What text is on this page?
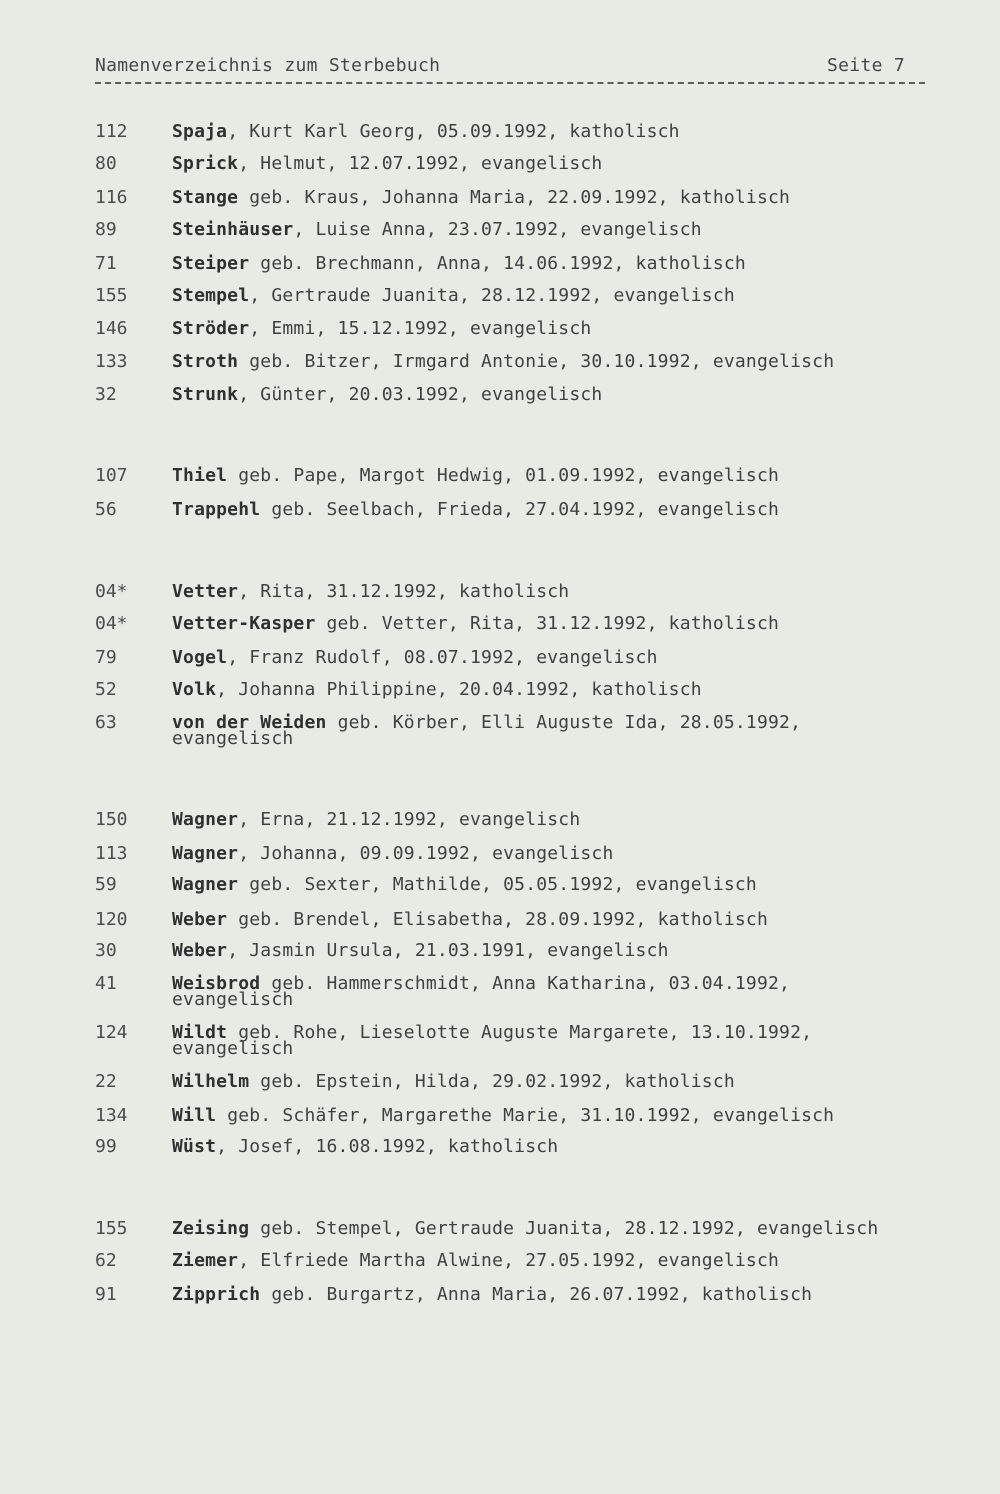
Namenverzeichnis zum Sterbebuch	Seite 7
112	Spaja, Kurt Karl Georg, 05.09.1992, katholisch
80	Sprick, Helmut, 12.07.1992, evangelisch
116	Stange geb. Kraus, Johanna Maria, 22.09.1992, katholisch
89	Steinhäuser, Luise Anna, 23.07.1992, evangelisch
71	Steiper geb. Brechmann, Anna, 14.06.1992, katholisch
155	Stempel, Gertraude Juanita, 28.12.1992, evangelisch
146	Ströder, Emmi, 15.12.1992, evangelisch
133	Stroth geb. Bitzer, Irmgard Antonie, 30.10.1992, evangelisch
32	Strunk, Günter, 20.03.1992, evangelisch
107	Thiel geb. Pape, Margot Hedwig, 01.09.1992, evangelisch
56	Trappehl geb. Seelbach, Frieda, 27.04.1992, evangelisch
04*	Vetter, Rita, 31.12.1992, katholisch
04*	Vetter-Kasper geb. Vetter, Rita, 31.12.1992, katholisch
79	Vogel, Franz Rudolf, 08.07.1992, evangelisch
52	Volk, Johanna Philippine, 20.04.1992, katholisch
63	von der Weiden geb. Körber, Elli Auguste Ida, 28.05.1992,
evangelisch
150	Wagner, Erna, 21.12.1992, evangelisch
113	Wagner, Johanna, 09.09.1992, evangelisch
59	Wagner geb. Sexter, Mathilde, 05.05.1992, evangelisch
120	Weber geb. Brendel, Elisabetha, 28.09.1992, katholisch
30	Weber, Jasmin Ursula, 21.03.1991, evangelisch
41	Weisbrod geb. Hammerschmidt, Anna Katharina, 03.04.1992,
evangelisch
124	Wildt geb. Rohe, Lieselotte Auguste Margarete, 13.10.1992,
evangelisch
22	Wilhelm geb. Epstein, Hilda, 29.02.1992, katholisch
134	Will geb. Schäfer, Margarethe Marie, 31.10.1992, evangelisch
99	Wüst, Josef, 16.08.1992, katholisch
155	Zeising geb. Stempel, Gertraude Juanita, 28.12.1992, evangelisch
62	Ziemer, Elfriede Martha Alwine, 27.05.1992, evangelisch
91	Zipprich geb. Burgartz, Anna Maria, 26.07.1992, katholisch
